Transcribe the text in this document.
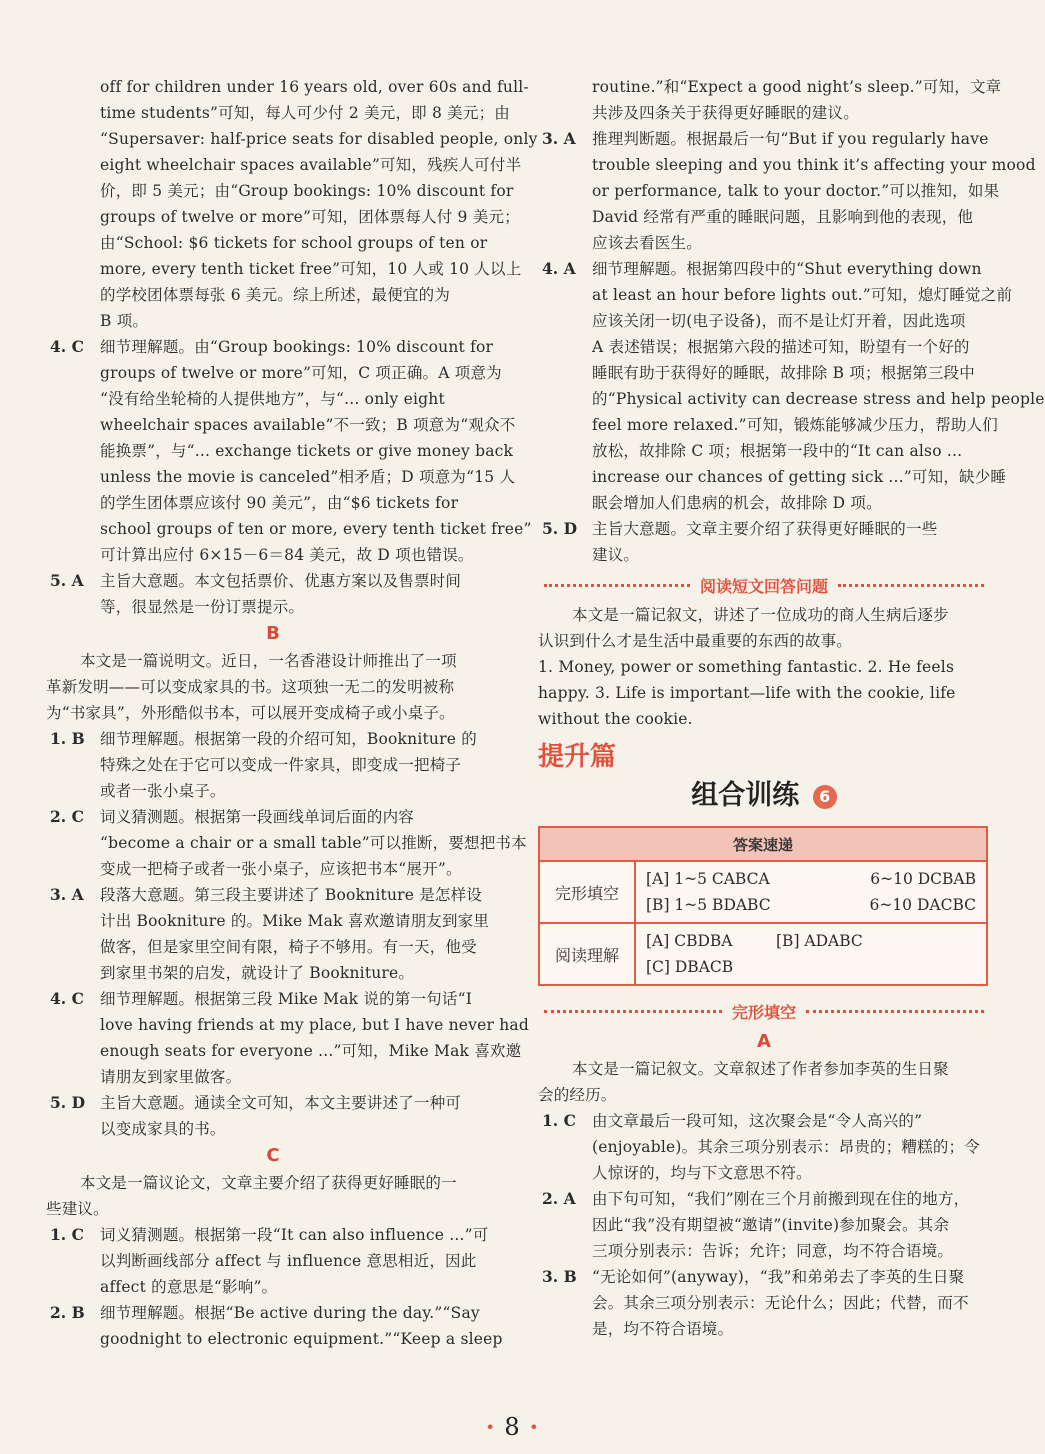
off for children under 16 years old, over 60s and full-
time students”可知，每人可少付 2 美元，即 8 美元；由
“Supersaver: half-price seats for disabled people, only
eight wheelchair spaces available”可知，残疾人可付半
价，即 5 美元；由“Group bookings: 10% discount for
groups of twelve or more”可知，团体票每人付 9 美元；
由“School: $6 tickets for school groups of ten or
more, every tenth ticket free”可知，10 人或 10 人以上
的学校团体票每张 6 美元。综上所述，最便宜的为
B 项。
4. C	细节理解题。由“Group bookings: 10% discount for
groups of twelve or more”可知，C 项正确。A 项意为
“没有给坐轮椅的人提供地方”，与“... only eight
wheelchair spaces available”不一致；B 项意为“观众不
能换票”，与“... exchange tickets or give money back
unless the movie is canceled”相矛盾；D 项意为“15 人
的学生团体票应该付 90 美元”，由“$6 tickets for
school groups of ten or more, every tenth ticket free”
可计算出应付 6×15－6＝84 美元，故 D 项也错误。
5. A	主旨大意题。本文包括票价、优惠方案以及售票时间
等，很显然是一份订票提示。
B
本文是一篇说明文。近日，一名香港设计师推出了一项
革新发明——可以变成家具的书。这项独一无二的发明被称
为“书家具”，外形酷似书本，可以展开变成椅子或小桌子。
1. B 细节理解题。根据第一段的介绍可知，Bookniture 的
特殊之处在于它可以变成一件家具，即变成一把椅子
或者一张小桌子。
2. C	词义猜测题。根据第一段画线单词后面的内容
“become a chair or a small table”可以推断，要想把书本
变成一把椅子或者一张小桌子，应该把书本“展开”。
3. A	段落大意题。第三段主要讲述了 Bookniture 是怎样设
计出 Bookniture 的。Mike Mak 喜欢邀请朋友到家里
做客，但是家里空间有限，椅子不够用。有一天，他受
到家里书架的启发，就设计了 Bookniture。
4. C	细节理解题。根据第三段 Mike Mak 说的第一句话“I
love having friends at my place, but I have never had
enough seats for everyone ...”可知，Mike Mak 喜欢邀
请朋友到家里做客。
5. D 主旨大意题。通读全文可知，本文主要讲述了一种可
以变成家具的书。
C
本文是一篇议论文，文章主要介绍了获得更好睡眠的一
些建议。
1. C	词义猜测题。根据第一段“It can also influence ...”可
以判断画线部分 affect 与 influence 意思相近，因此
affect 的意思是“影响”。
2. B 细节理解题。根据“Be active during the day.”“Say
goodnight to electronic equipment.”“Keep a sleep
routine.”和“Expect a good night’s sleep.”可知，文章
共涉及四条关于获得更好睡眠的建议。
3. A	推理判断题。根据最后一句“But if you regularly have
trouble sleeping and you think it’s affecting your mood
or performance, talk to your doctor.”可以推知，如果
David 经常有严重的睡眠问题，且影响到他的表现，他
应该去看医生。
4. A	细节理解题。根据第四段中的“Shut everything down
at least an hour before lights out.”可知，熄灯睡觉之前
应该关闭一切(电子设备)，而不是让灯开着，因此选项
A 表述错误；根据第六段的描述可知，盼望有一个好的
睡眠有助于获得好的睡眠，故排除 B 项；根据第三段中
的“Physical activity can decrease stress and help people
feel more relaxed.”可知，锻炼能够减少压力，帮助人们
放松，故排除 C 项；根据第一段中的“It can also ...
increase our chances of getting sick ...”可知，缺少睡
眠会增加人们患病的机会，故排除 D 项。
5. D 主旨大意题。文章主要介绍了获得更好睡眠的一些
建议。
阅读短文回答问题
本文是一篇记叙文，讲述了一位成功的商人生病后逐步
认识到什么才是生活中最重要的东西的故事。
1. Money, power or something fantastic. 2. He feels
happy. 3. Life is important—life with the cookie, life
without the cookie.
提升篇
组合训练 6
答案速递	
完形填空	[A] 1~5 CABCA 6~10 DCBAB
[B] 1~5 BDABC 6~10 DACBC

阅读理解	[A] CBDBA [B] ADABC
[C] DBACB
完形填空
A
本文是一篇记叙文。文章叙述了作者参加李英的生日聚
会的经历。
1. C	由文章最后一段可知，这次聚会是“令人高兴的”
(enjoyable)。其余三项分别表示：昂贵的；糟糕的；令
人惊讶的，均与下文意思不符。
2. A	由下句可知，“我们”刚在三个月前搬到现在住的地方，
因此“我”没有期望被“邀请”(invite)参加聚会。其余
三项分别表示：告诉；允许；同意，均不符合语境。
3. B “无论如何”(anyway)，“我”和弟弟去了李英的生日聚
会。其余三项分别表示：无论什么；因此；代替，而不
是，均不符合语境。
· 8 ·
